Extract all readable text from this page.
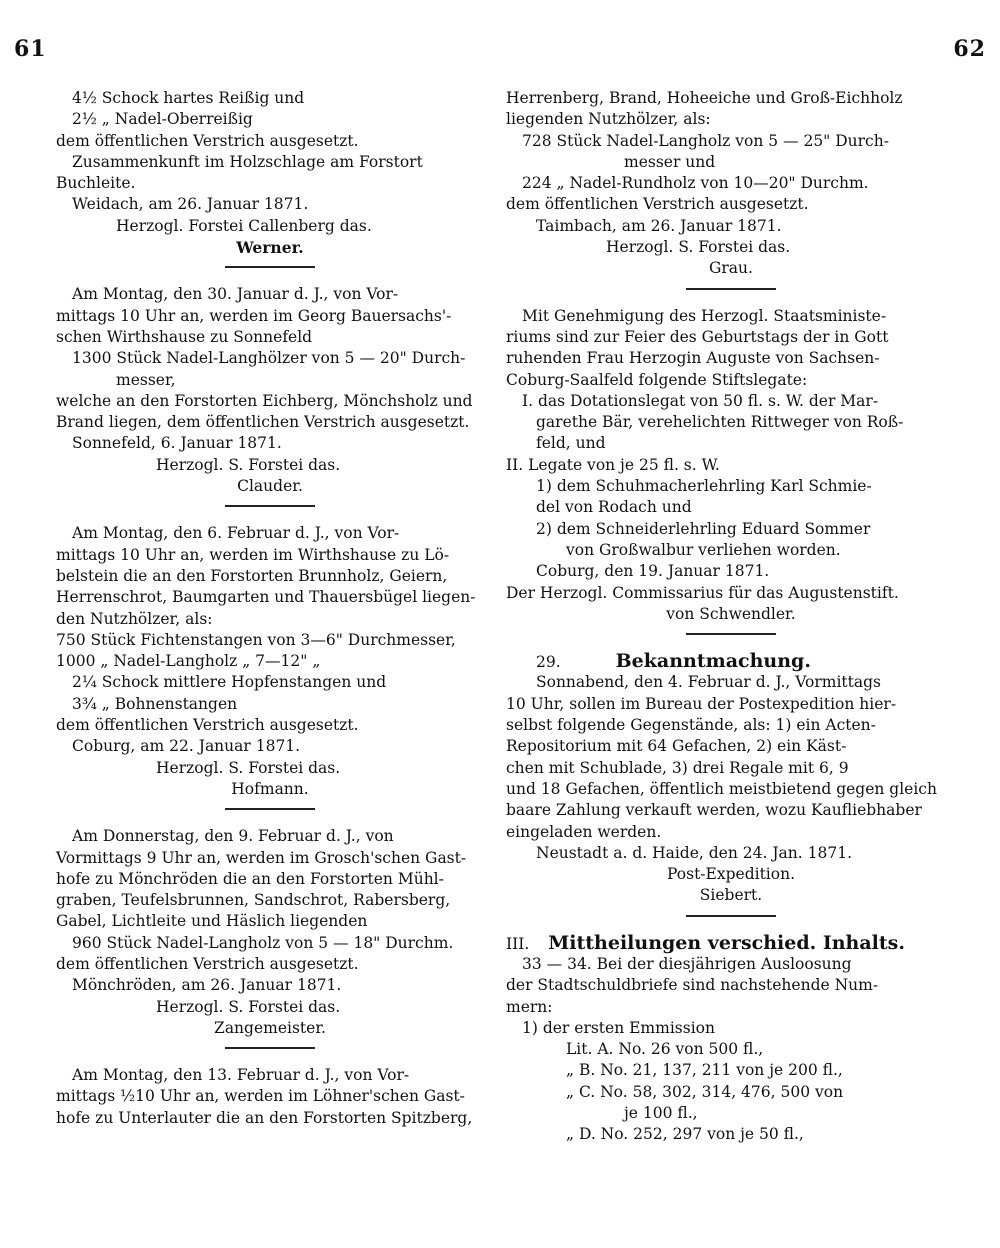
61	62
4½ Schock hartes Reißig und
2½ „ Nadel-Oberreißig
dem öffentlichen Verstrich ausgesetzt.
Zusammenkunft im Holzschlage am Forstort
Buchleite.
Weidach, am 26. Januar 1871.
Herzogl. Forstei Callenberg das.
Werner.
Am Montag, den 30. Januar d. J., von Vor-
mittags 10 Uhr an, werden im Georg Bauersachs'-
schen Wirthshause zu Sonnefeld
1300 Stück Nadel-Langhölzer von 5 — 20" Durch-
messer,
welche an den Forstorten Eichberg, Mönchsholz und
Brand liegen, dem öffentlichen Verstrich ausgesetzt.
Sonnefeld, 6. Januar 1871.
Herzogl. S. Forstei das.
Clauder.
Am Montag, den 6. Februar d. J., von Vor-
mittags 10 Uhr an, werden im Wirthshause zu Lö-
belstein die an den Forstorten Brunnholz, Geiern,
Herrenschrot, Baumgarten und Thauersbügel liegen-
den Nutzhölzer, als:
750 Stück Fichtenstangen von 3—6" Durchmesser,
1000 „ Nadel-Langholz „ 7—12" „
2¼ Schock mittlere Hopfenstangen und
3¾ „ Bohnenstangen
dem öffentlichen Verstrich ausgesetzt.
Coburg, am 22. Januar 1871.
Herzogl. S. Forstei das.
Hofmann.
Am Donnerstag, den 9. Februar d. J., von
Vormittags 9 Uhr an, werden im Grosch'schen Gast-
hofe zu Mönchröden die an den Forstorten Mühl-
graben, Teufelsbrunnen, Sandschrot, Rabersberg,
Gabel, Lichtleite und Häslich liegenden
960 Stück Nadel-Langholz von 5 — 18" Durchm.
dem öffentlichen Verstrich ausgesetzt.
Mönchröden, am 26. Januar 1871.
Herzogl. S. Forstei das.
Zangemeister.
Am Montag, den 13. Februar d. J., von Vor-
mittags ½10 Uhr an, werden im Löhner'schen Gast-
hofe zu Unterlauter die an den Forstorten Spitzberg,
Herrenberg, Brand, Hoheeiche und Groß-Eichholz
liegenden Nutzhölzer, als:
728 Stück Nadel-Langholz von 5 — 25" Durch-
messer und
224 „ Nadel-Rundholz von 10—20" Durchm.
dem öffentlichen Verstrich ausgesetzt.
Taimbach, am 26. Januar 1871.
Herzogl. S. Forstei das.
Grau.
Mit Genehmigung des Herzogl. Staatsministe-
riums sind zur Feier des Geburtstags der in Gott
ruhenden Frau Herzogin Auguste von Sachsen-
Coburg-Saalfeld folgende Stiftslegate:
I. das Dotationslegat von 50 fl. s. W. der Mar-
garethe Bär, verehelichten Rittweger von Roß-
feld, und
II. Legate von je 25 fl. s. W.
1) dem Schuhmacherlehrling Karl Schmie-
del von Rodach und
2) dem Schneiderlehrling Eduard Sommer
von Großwalbur verliehen worden.
Coburg, den 19. Januar 1871.
Der Herzogl. Commissarius für das Augustenstift.
von Schwendler.
29.	Bekanntmachung.
Sonnabend, den 4. Februar d. J., Vormittags
10 Uhr, sollen im Bureau der Postexpedition hier-
selbst folgende Gegenstände, als: 1) ein Acten-
Repositorium mit 64 Gefachen, 2) ein Käst-
chen mit Schublade, 3) drei Regale mit 6, 9
und 18 Gefachen, öffentlich meistbietend gegen gleich
baare Zahlung verkauft werden, wozu Kaufliebhaber
eingeladen werden.
Neustadt a. d. Haide, den 24. Jan. 1871.
Post-Expedition.
Siebert.
III. Mittheilungen verschied. Inhalts.
33 — 34. Bei der diesjährigen Ausloosung
der Stadtschuldbriefe sind nachstehende Num-
mern:
1) der ersten Emmission
Lit. A. No. 26 von 500 fl.,
„ B. No. 21, 137, 211 von je 200 fl.,
„ C. No. 58, 302, 314, 476, 500 von
je 100 fl.,
„ D. No. 252, 297 von je 50 fl.,
